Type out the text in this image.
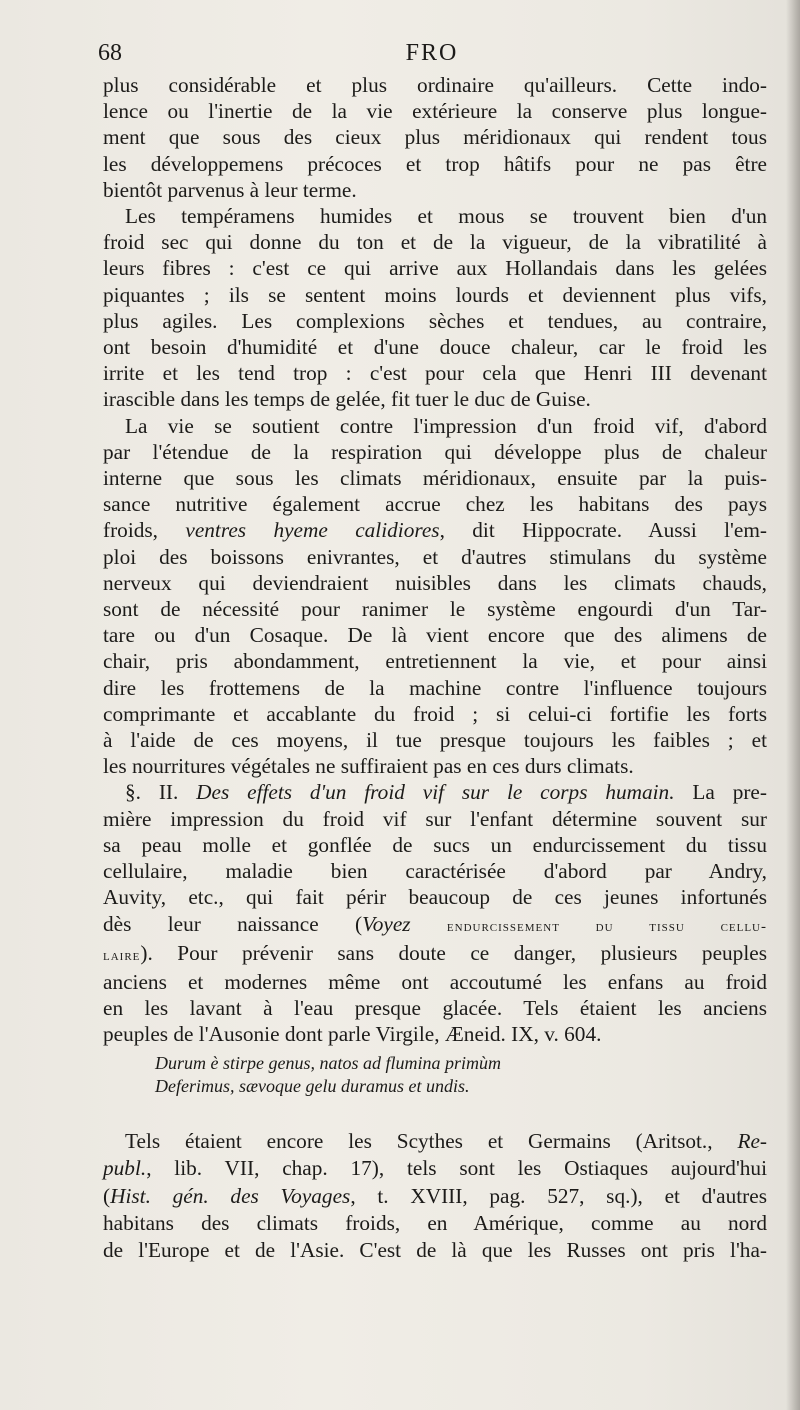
68	FRO
plus considérable et plus ordinaire qu'ailleurs. Cette indo-
lence ou l'inertie de la vie extérieure la conserve plus longue-
ment que sous des cieux plus méridionaux qui rendent tous
les développemens précoces et trop hâtifs pour ne pas être
bientôt parvenus à leur terme.
Les tempéramens humides et mous se trouvent bien d'un
froid sec qui donne du ton et de la vigueur, de la vibratilité à
leurs fibres : c'est ce qui arrive aux Hollandais dans les gelées
piquantes ; ils se sentent moins lourds et deviennent plus vifs,
plus agiles. Les complexions sèches et tendues, au contraire,
ont besoin d'humidité et d'une douce chaleur, car le froid les
irrite et les tend trop : c'est pour cela que Henri III devenant
irascible dans les temps de gelée, fit tuer le duc de Guise.
La vie se soutient contre l'impression d'un froid vif, d'abord
par l'étendue de la respiration qui développe plus de chaleur
interne que sous les climats méridionaux, ensuite par la puis-
sance nutritive également accrue chez les habitans des pays
froids, ventres hyeme calidiores, dit Hippocrate. Aussi l'em-
ploi des boissons enivrantes, et d'autres stimulans du système
nerveux qui deviendraient nuisibles dans les climats chauds,
sont de nécessité pour ranimer le système engourdi d'un Tar-
tare ou d'un Cosaque. De là vient encore que des alimens de
chair, pris abondamment, entretiennent la vie, et pour ainsi
dire les frottemens de la machine contre l'influence toujours
comprimante et accablante du froid ; si celui-ci fortifie les forts
à l'aide de ces moyens, il tue presque toujours les faibles ; et
les nourritures végétales ne suffiraient pas en ces durs climats.
§. II. Des effets d'un froid vif sur le corps humain. La pre-
mière impression du froid vif sur l'enfant détermine souvent sur
sa peau molle et gonflée de sucs un endurcissement du tissu
cellulaire, maladie bien caractérisée d'abord par Andry,
Auvity, etc., qui fait périr beaucoup de ces jeunes infortunés
dès leur naissance (Voyez endurcissement du tissu cellu-
laire). Pour prévenir sans doute ce danger, plusieurs peuples
anciens et modernes même ont accoutumé les enfans au froid
en les lavant à l'eau presque glacée. Tels étaient les anciens
peuples de l'Ausonie dont parle Virgile, Æneid. IX, v. 604.
Durum è stirpe genus, natos ad flumina primùm
Deferimus, sævoque gelu duramus et undis.
Tels étaient encore les Scythes et Germains (Aritsot., Re-
publ., lib. VII, chap. 17), tels sont les Ostiaques aujourd'hui
(Hist. gén. des Voyages, t. XVIII, pag. 527, sq.), et d'autres
habitans des climats froids, en Amérique, comme au nord
de l'Europe et de l'Asie. C'est de là que les Russes ont pris l'ha-
